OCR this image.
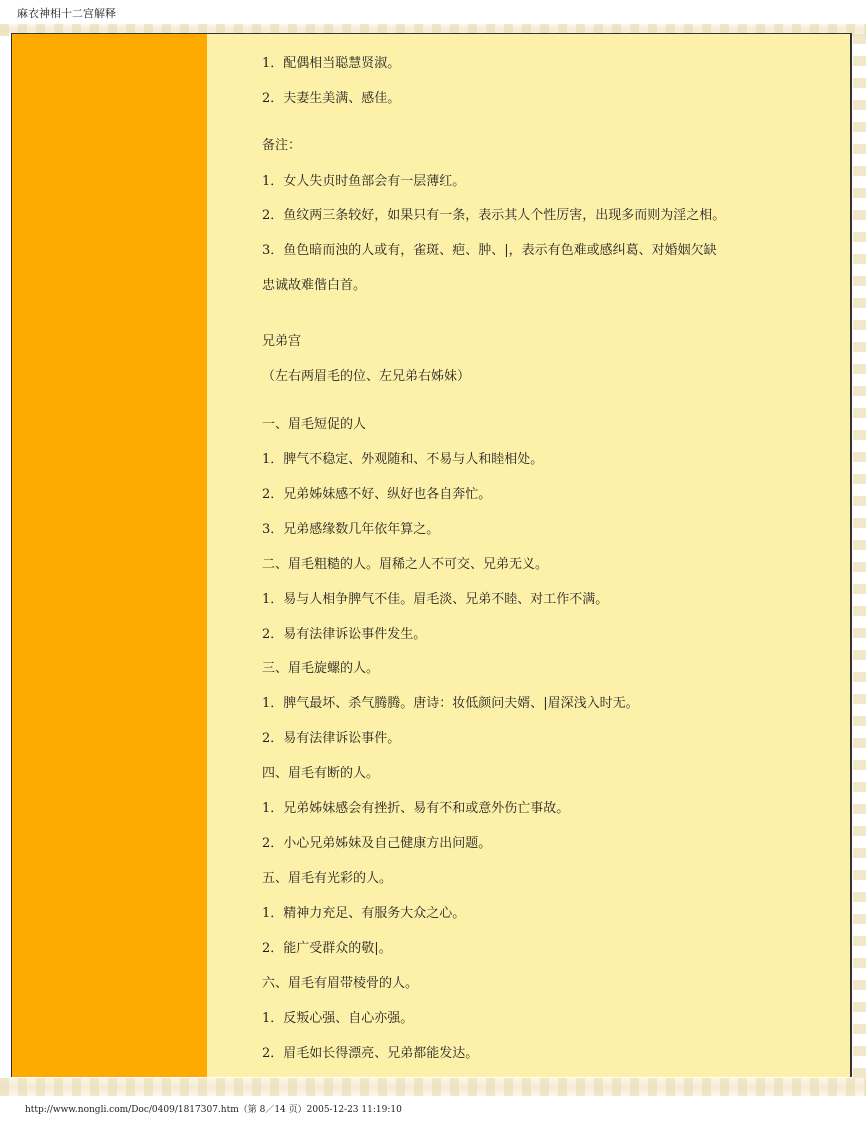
麻衣神相十二宫解释
1．配偶相当聪慧贤淑。
2．夫妻生美满、感佳。
备注：
1．女人失贞时鱼部会有一层薄红。
2．鱼纹两三条较好，如果只有一条，表示其人个性厉害，出现多而则为淫之相。
3．鱼色暗而浊的人或有，雀斑、疤、肿、|，表示有色难或感纠葛、对婚姻欠缺
忠诚故难偕白首。
兄弟宫
（左右两眉毛的位、左兄弟右姊妹）
一、眉毛短促的人
1．脾气不稳定、外观随和、不易与人和睦相处。
2．兄弟姊妹感不好、纵好也各自奔忙。
3．兄弟感缘数几年依年算之。
二、眉毛粗糙的人。眉稀之人不可交、兄弟无义。
1．易与人相争脾气不佳。眉毛淡、兄弟不睦、对工作不满。
2．易有法律诉讼事件发生。
三、眉毛旋螺的人。
1．脾气最坏、杀气腾腾。唐诗：妆低颜问夫婿、|眉深浅入时无。
2．易有法律诉讼事件。
四、眉毛有断的人。
1．兄弟姊妹感会有挫折、易有不和或意外伤亡事故。
2．小心兄弟姊妹及自己健康方出问题。
五、眉毛有光彩的人。
1．精神力充足、有服务大众之心。
2．能广受群众的敬|。
六、眉毛有眉带棱骨的人。
1．反叛心强、自心亦强。
2．眉毛如长得漂亮、兄弟都能发达。
http://www.nongli.com/Doc/0409/1817307.htm（第 8／14 页）2005-12-23 11:19:10
